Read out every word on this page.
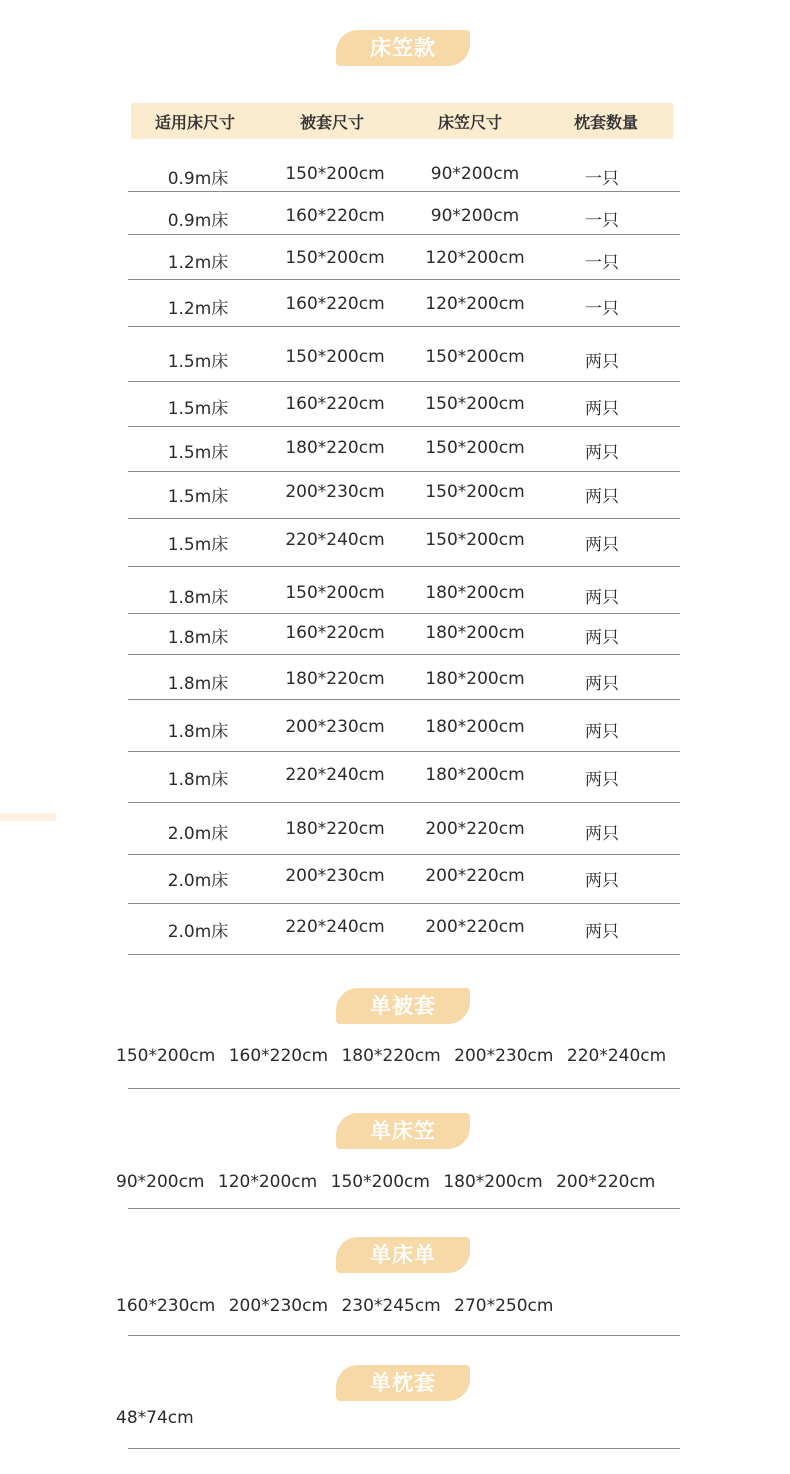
床笠款
适用床尺寸	被套尺寸	床笠尺寸	枕套数量
0.9m床	150*200cm	90*200cm	一只
0.9m床	160*220cm	90*200cm	一只
1.2m床	150*200cm	120*200cm	一只
1.2m床	160*220cm	120*200cm	一只
1.5m床	150*200cm	150*200cm	两只
1.5m床	160*220cm	150*200cm	两只
1.5m床	180*220cm	150*200cm	两只
1.5m床	200*230cm	150*200cm	两只
1.5m床	220*240cm	150*200cm	两只
1.8m床	150*200cm	180*200cm	两只
1.8m床	160*220cm	180*200cm	两只
1.8m床	180*220cm	180*200cm	两只
1.8m床	200*230cm	180*200cm	两只
1.8m床	220*240cm	180*200cm	两只
2.0m床	180*220cm	200*220cm	两只
2.0m床	200*230cm	200*220cm	两只
2.0m床	220*240cm	200*220cm	两只
单被套
150*200cm 160*220cm 180*220cm 200*230cm 220*240cm
单床笠
90*200cm 120*200cm 150*200cm 180*200cm 200*220cm
单床单
160*230cm 200*230cm 230*245cm 270*250cm
单枕套
48*74cm
